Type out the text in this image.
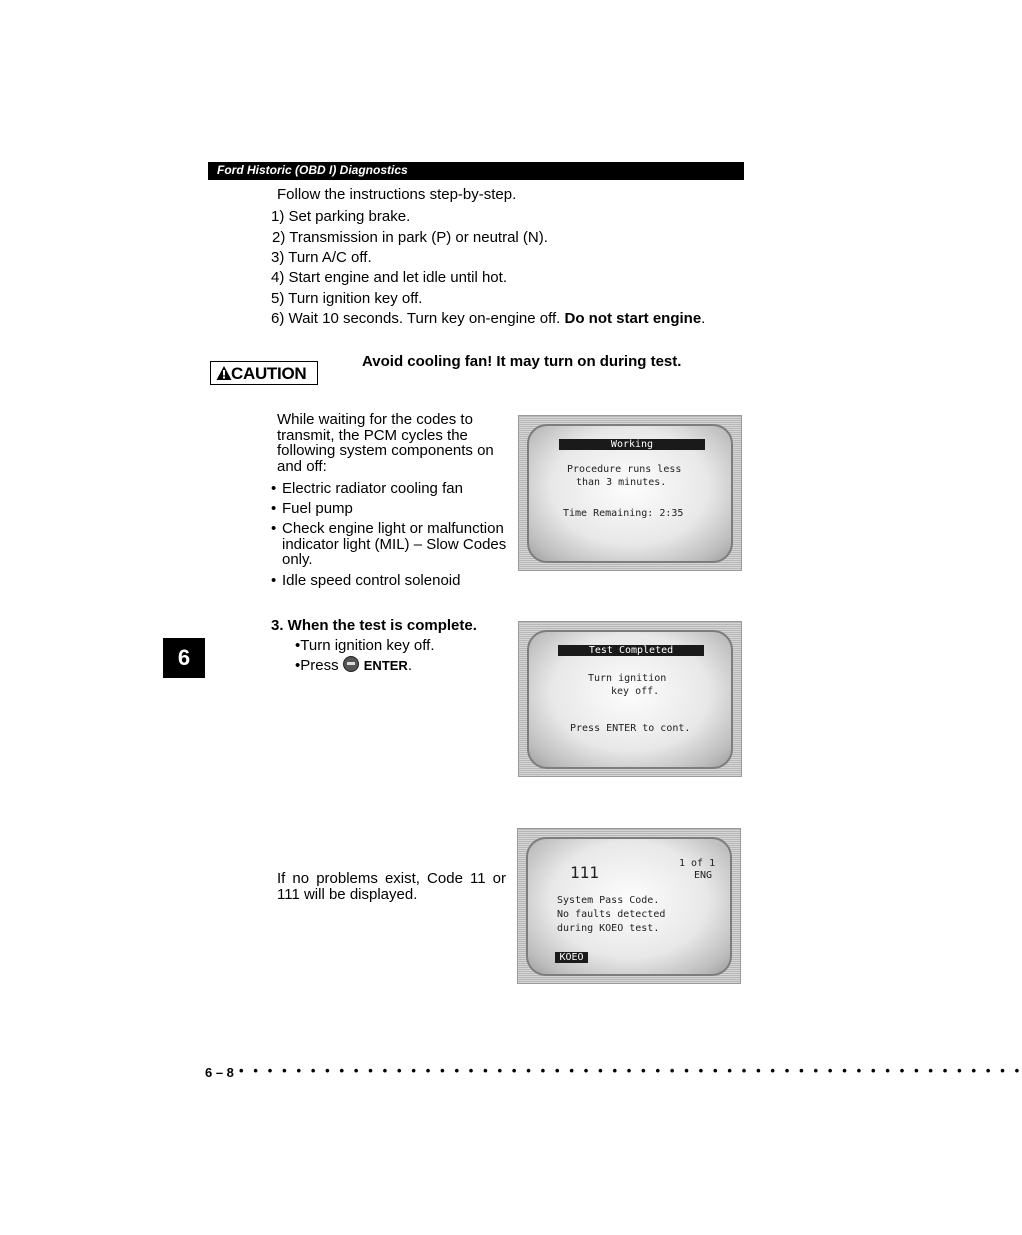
Ford Historic (OBD I) Diagnostics
Follow the instructions step-by-step.
1) Set parking brake.
2) Transmission in park (P) or neutral (N).
3) Turn A/C off.
4) Start engine and let idle until hot.
5) Turn ignition key off.
6) Wait 10 seconds. Turn key on-engine off. Do not start engine.
CAUTION
Avoid cooling fan! It may turn on during test.
While waiting for the codes to transmit, the PCM cycles the following system components on and off:
• Electric radiator cooling fan
• Fuel pump
• Check engine light or malfunction indicator light (MIL) – Slow Codes only.
• Idle speed control solenoid
Working
Procedure runs less
than 3 minutes.
Time Remaining: 2:35
3. When the test is complete.
•Turn ignition key off.
•Press ENTER.
6	Test Completed
Turn ignition
key off.
Press ENTER to cont.
If no problems exist, Code 11 or 111 will be displayed.
111	1 of 1
ENG
System Pass Code.
No faults detected
during KOEO test.
KOEO
6 – 8 • • • • • • • • • • • • • • • • • • • • • • • • • • • • • • • • • • • • • • • • • • • • • • • • • • • • • • •
